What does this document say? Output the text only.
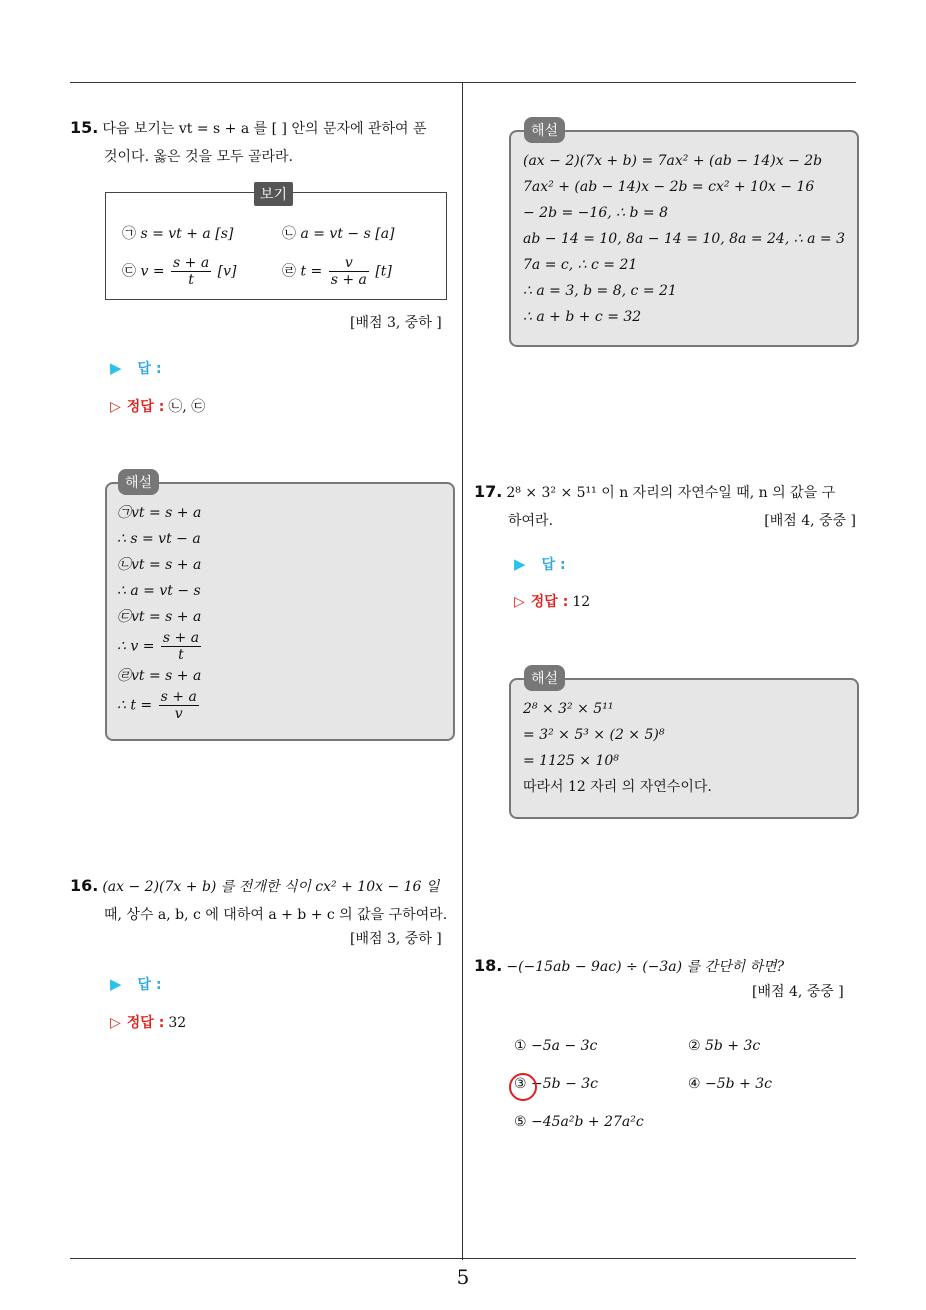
15. 다음 보기는 vt = s + a 를 [ ] 안의 문자에 관하여 푼
것이다. 옳은 것을 모두 골라라.
㉠ s = vt + a [s]	㉡ a = vt − s [a]
㉢ $v = \frac{s + a}{t} [v]$	㉣ $t = \frac{v}{s + a} [t]$
보기
[배점 3, 중하 ]
▶ 답 :
▷ 정답 : ㉡, ㉢
㉠vt = s + a
∴ s = vt − a
㉡vt = s + a
∴ a = vt − s
㉢vt = s + a
∴ $v = \frac{s + a}{t}$
㉣vt = s + a
∴ $t = \frac{s + a}{v}$
해설
16. (ax − 2)(7x + b) 를 전개한 식이 cx² + 10x − 16 일
때, 상수 a, b, c 에 대하여 a + b + c 의 값을 구하여라.
[배점 3, 중하 ]
▶ 답 :
▷ 정답 : 32
(ax − 2)(7x + b) = 7ax² + (ab − 14)x − 2b
7ax² + (ab − 14)x − 2b = cx² + 10x − 16
− 2b = −16, ∴ b = 8
ab − 14 = 10, 8a − 14 = 10, 8a = 24, ∴ a = 3
7a = c, ∴ c = 21
∴ a = 3, b = 8, c = 21
∴ a + b + c = 32
해설
17. 2⁸ × 3² × 5¹¹ 이 n 자리의 자연수일 때, n 의 값을 구
하여라.	[배점 4, 중중 ]
▶ 답 :
▷ 정답 : 12
2⁸ × 3² × 5¹¹
= 3² × 5³ × (2 × 5)⁸
= 1125 × 10⁸
따라서 12 자리 의 자연수이다.
해설
18. −(−15ab − 9ac) ÷ (−3a) 를 간단히 하면?
[배점 4, 중중 ]
① −5a − 3c	② 5b + 3c
③ −5b − 3c	④ −5b + 3c
⑤ −45a²b + 27a²c
5
